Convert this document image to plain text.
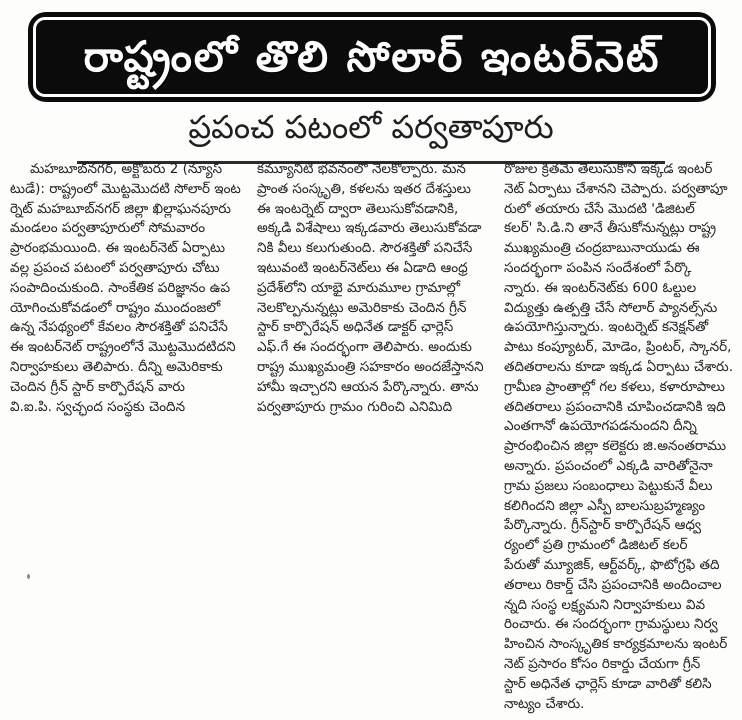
రాష్ట్రంలో తొలి సోలార్ ఇంటర్‌నెట్
ప్రపంచ పటంలో పర్వతాపూరు
మహబూబ్‌నగర్, అక్టోబరు 2 (న్యూస్‌
టుడే): రాష్ట్రంలో మొట్టమొదటి సోలార్ ఇంట
ర్నెట్ మహబూబ్‌నగర్ జిల్లా ఖిల్లాఘనపూరు
మండలం పర్వతాపూరులో సోమవారం
ప్రారంభమయింది. ఈ ఇంటర్‌నెట్ ఏర్పాటు
వల్ల ప్రపంచ పటంలో పర్వతాపూరు చోటు
సంపాదించుకుంది. సాంకేతిక పరిజ్ఞానం ఉప
యోగించుకోవడంలో రాష్ట్రం ముందంజలో
ఉన్న నేపథ్యంలో కేవలం సౌరశక్తితో పనిచేసే
ఈ ఇంటర్‌నెట్ రాష్ట్రంలోనే మొట్టమొదటిదని
నిర్వాహకులు తెలిపారు. దీన్ని అమెరికాకు
చెందిన గ్రీన్ స్టార్ కార్పొరేషన్ వారు
వి.ఐ.పి. స్వచ్ఛంద సంస్థకు చెందిన
కమ్యూనిటీ భవనంలో నెలకొల్పారు. మన
ప్రాంత సంస్కృతి, కళలను ఇతర దేశస్తులు
ఈ ఇంటర్నెట్ ద్వారా తెలుసుకోవడానికి,
అక్కడి విశేషాలు ఇక్కడవారు తెలుసుకోవడా
నికి వీలు కలుగుతుంది. సౌరశక్తితో పనిచేసే
ఇటువంటి ఇంటర్‌నెట్‌లు ఈ ఏడాది ఆంధ్ర
ప్రదేశ్‌లోని యాభై మారుమూల గ్రామాల్లో
నెలకొల్పనున్నట్లు అమెరికాకు చెందిన గ్రీన్
స్టార్ కార్పొరేషన్ అధినేత డాక్టర్ ఛార్లెస్
ఎఫ్.గే ఈ సందర్భంగా తెలిపారు. అందుకు
రాష్ట్ర ముఖ్యమంత్రి సహకారం అందజేస్తానని
హామీ ఇచ్చారని ఆయన పేర్కొన్నారు. తాను
పర్వతాపూరు గ్రామం గురించి ఎనిమిది
రోజుల క్రితమే తెలుసుకొని ఇక్కడ ఇంటర్
నెట్ ఏర్పాటు చేశానని చెప్పారు. పర్వతాపూ
రులో తయారు చేసే మొదటి 'డిజిటల్
కలర్' సి.డి.ని తానే తీసుకోనున్నట్లు రాష్ట్ర
ముఖ్యమంత్రి చంద్రబాబునాయుడు ఈ
సందర్భంగా పంపిన సందేశంలో పేర్కొ
న్నారు. ఈ ఇంటర్‌నెట్‌కు 600 ఓల్టుల
విద్యుత్తు ఉత్పత్తి చేసే సోలార్ ప్యానల్స్‌ను
ఉపయోగిస్తున్నారు. ఇంటర్నెట్ కనెక్షన్‌తో
పాటు కంప్యూటర్, మోడెం, ప్రింటర్, స్కానర్,
తదితరాలను కూడా ఇక్కడ ఏర్పాటు చేశారు.
గ్రామీణ ప్రాంతాల్లో గల కళలు, కళారూపాలు
తదితరాలు ప్రపంచానికి చూపించడానికి ఇది
ఎంతగానో ఉపయోగపడనుందని దీన్ని
ప్రారంభించిన జిల్లా కలెక్టరు జి.అనంతరాము
అన్నారు. ప్రపంచంలో ఎక్కడి వారితోనైనా
గ్రామ ప్రజలు సంబంధాలు పెట్టుకునే వీలు
కలిగిందని జిల్లా ఎస్పీ బాలసుబ్రహ్మణ్యం
పేర్కొన్నారు. గ్రీన్‌స్టార్ కార్పొరేషన్ ఆధ్వ
ర్యంలో ప్రతి గ్రామంలో డిజిటల్ కలర్
పేరుతో మ్యూజిక్, ఆర్ట్‌వర్క్, ఫొటోగ్రఫి తది
తరాలు రికార్డ్ చేసి ప్రపంచానికి అందించాల
న్నది సంస్థ లక్ష్యమని నిర్వాహకులు వివ
రించారు. ఈ సందర్భంగా గ్రామస్థులు నిర్వ
హించిన సాంస్కృతిక కార్యక్రమాలను ఇంటర్
నెట్ ప్రసారం కోసం రికార్డు చేయగా గ్రీన్
స్టార్ అధినేత ఛార్లెస్ కూడా వారితో కలిసి
నాట్యం చేశారు.
